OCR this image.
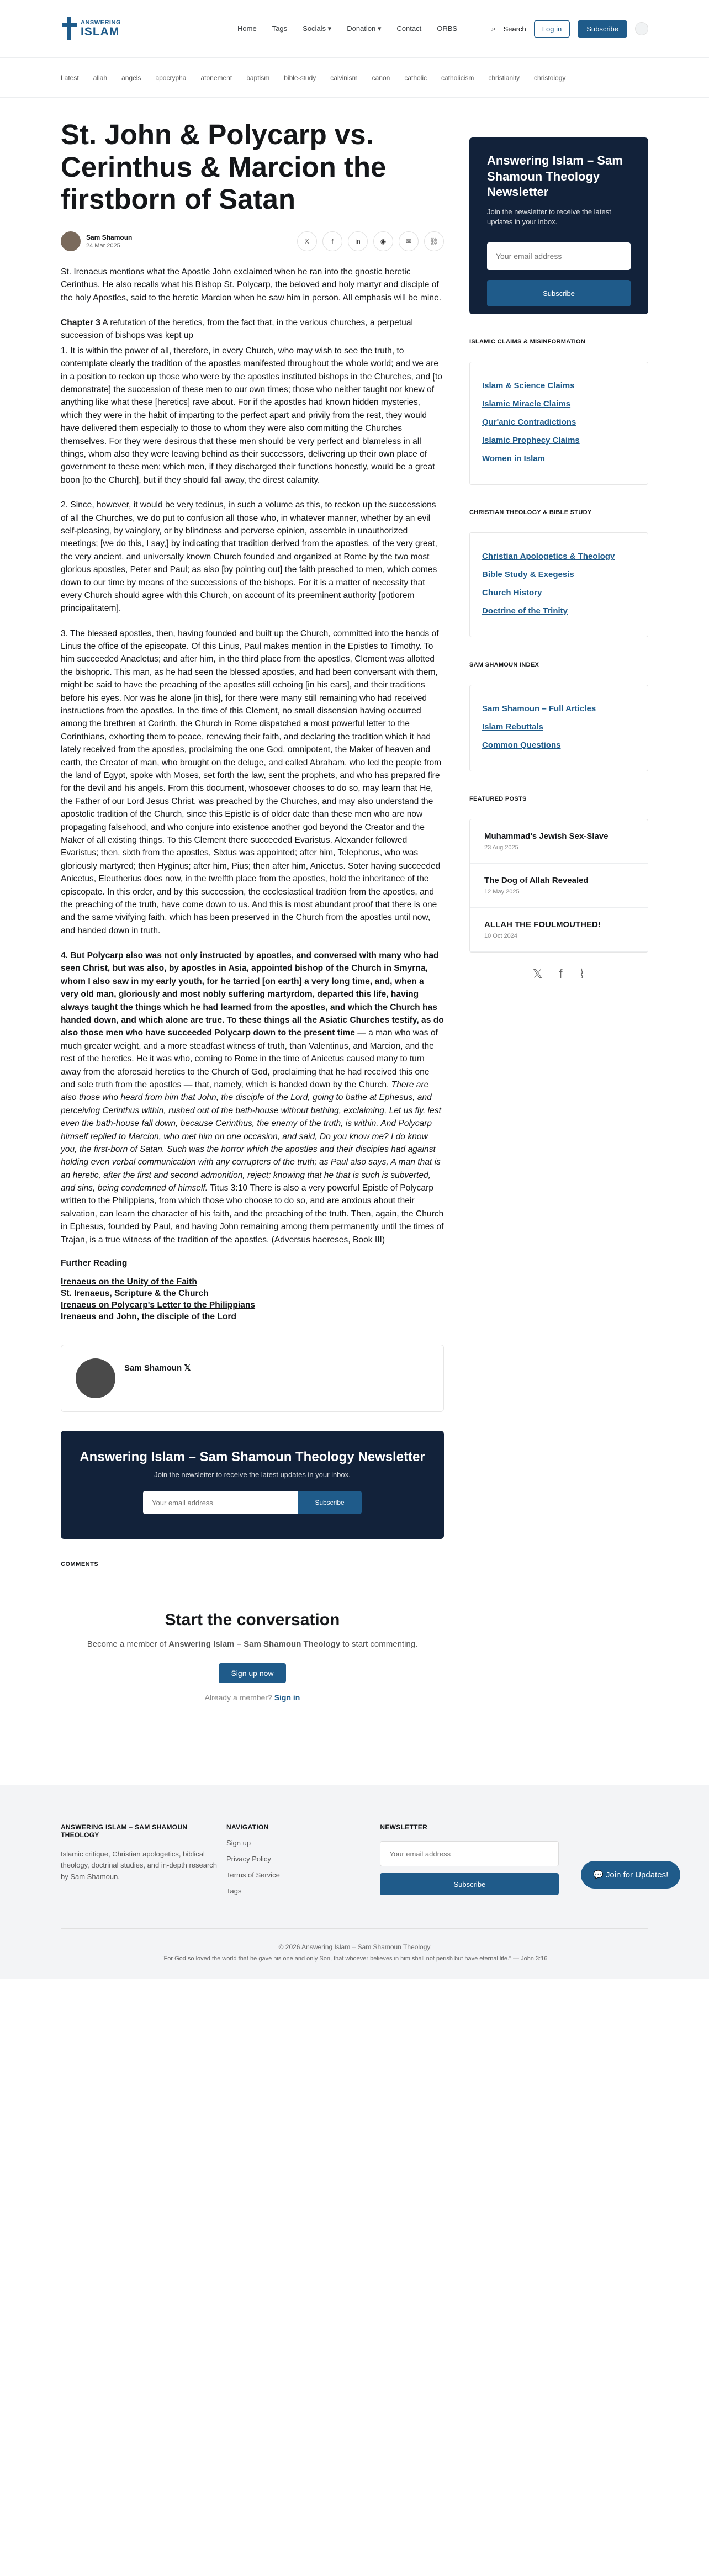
ANSWERING
ISLAM	Home Tags Socials ▾ Donation ▾ Contact ORBS	⌕ Search	Log in	Subscribe
Latest allah angels apocrypha atonement baptism bible-study calvinism canon catholic catholicism christianity christology
St. John & Polycarp vs. Cerinthus & Marcion the firstborn of Satan
Sam Shamoun
24 Mar 2025
𝕏	f	in	◉	✉	⛓

St. Irenaeus mentions what the Apostle John exclaimed when he ran into the gnostic heretic Cerinthus. He also recalls what his Bishop St. Polycarp, the beloved and holy martyr and disciple of the holy Apostles, said to the heretic Marcion when he saw him in person. All emphasis will be mine.

Chapter 3 A refutation of the heretics, from the fact that, in the various churches, a perpetual succession of bishops was kept up

1. It is within the power of all, therefore, in every Church, who may wish to see the truth, to contemplate clearly the tradition of the apostles manifested throughout the whole world; and we are in a position to reckon up those who were by the apostles instituted bishops in the Churches, and [to demonstrate] the succession of these men to our own times; those who neither taught nor knew of anything like what these [heretics] rave about. For if the apostles had known hidden mysteries, which they were in the habit of imparting to the perfect apart and privily from the rest, they would have delivered them especially to those to whom they were also committing the Churches themselves. For they were desirous that these men should be very perfect and blameless in all things, whom also they were leaving behind as their successors, delivering up their own place of government to these men; which men, if they discharged their functions honestly, would be a great boon [to the Church], but if they should fall away, the direst calamity.

2. Since, however, it would be very tedious, in such a volume as this, to reckon up the successions of all the Churches, we do put to confusion all those who, in whatever manner, whether by an evil self-pleasing, by vainglory, or by blindness and perverse opinion, assemble in unauthorized meetings; [we do this, I say,] by indicating that tradition derived from the apostles, of the very great, the very ancient, and universally known Church founded and organized at Rome by the two most glorious apostles, Peter and Paul; as also [by pointing out] the faith preached to men, which comes down to our time by means of the successions of the bishops. For it is a matter of necessity that every Church should agree with this Church, on account of its preeminent authority [potiorem principalitatem].

3. The blessed apostles, then, having founded and built up the Church, committed into the hands of Linus the office of the episcopate. Of this Linus, Paul makes mention in the Epistles to Timothy. To him succeeded Anacletus; and after him, in the third place from the apostles, Clement was allotted the bishopric. This man, as he had seen the blessed apostles, and had been conversant with them, might be said to have the preaching of the apostles still echoing [in his ears], and their traditions before his eyes. Nor was he alone [in this], for there were many still remaining who had received instructions from the apostles. In the time of this Clement, no small dissension having occurred among the brethren at Corinth, the Church in Rome dispatched a most powerful letter to the Corinthians, exhorting them to peace, renewing their faith, and declaring the tradition which it had lately received from the apostles, proclaiming the one God, omnipotent, the Maker of heaven and earth, the Creator of man, who brought on the deluge, and called Abraham, who led the people from the land of Egypt, spoke with Moses, set forth the law, sent the prophets, and who has prepared fire for the devil and his angels. From this document, whosoever chooses to do so, may learn that He, the Father of our Lord Jesus Christ, was preached by the Churches, and may also understand the apostolic tradition of the Church, since this Epistle is of older date than these men who are now propagating falsehood, and who conjure into existence another god beyond the Creator and the Maker of all existing things. To this Clement there succeeded Evaristus. Alexander followed Evaristus; then, sixth from the apostles, Sixtus was appointed; after him, Telephorus, who was gloriously martyred; then Hyginus; after him, Pius; then after him, Anicetus. Soter having succeeded Anicetus, Eleutherius does now, in the twelfth place from the apostles, hold the inheritance of the episcopate. In this order, and by this succession, the ecclesiastical tradition from the apostles, and the preaching of the truth, have come down to us. And this is most abundant proof that there is one and the same vivifying faith, which has been preserved in the Church from the apostles until now, and handed down in truth.

4. But Polycarp also was not only instructed by apostles, and conversed with many who had seen Christ, but was also, by apostles in Asia, appointed bishop of the Church in Smyrna, whom I also saw in my early youth, for he tarried [on earth] a very long time, and, when a very old man, gloriously and most nobly suffering martyrdom, departed this life, having always taught the things which he had learned from the apostles, and which the Church has handed down, and which alone are true. To these things all the Asiatic Churches testify, as do also those men who have succeeded Polycarp down to the present time — a man who was of much greater weight, and a more steadfast witness of truth, than Valentinus, and Marcion, and the rest of the heretics. He it was who, coming to Rome in the time of Anicetus caused many to turn away from the aforesaid heretics to the Church of God, proclaiming that he had received this one and sole truth from the apostles — that, namely, which is handed down by the Church. There are also those who heard from him that John, the disciple of the Lord, going to bathe at Ephesus, and perceiving Cerinthus within, rushed out of the bath-house without bathing, exclaiming, Let us fly, lest even the bath-house fall down, because Cerinthus, the enemy of the truth, is within. And Polycarp himself replied to Marcion, who met him on one occasion, and said, Do you know me? I do know you, the first-born of Satan. Such was the horror which the apostles and their disciples had against holding even verbal communication with any corrupters of the truth; as Paul also says, A man that is an heretic, after the first and second admonition, reject; knowing that he that is such is subverted, and sins, being condemned of himself. Titus 3:10 There is also a very powerful Epistle of Polycarp written to the Philippians, from which those who choose to do so, and are anxious about their salvation, can learn the character of his faith, and the preaching of the truth. Then, again, the Church in Ephesus, founded by Paul, and having John remaining among them permanently until the times of Trajan, is a true witness of the tradition of the apostles. (Adversus haereses, Book III)

Further Reading
Irenaeus on the Unity of the Faith
St. Irenaeus, Scripture & the Church
Irenaeus on Polycarp's Letter to the Philippians
Irenaeus and John, the disciple of the Lord
Sam Shamoun 𝕏
Answering Islam – Sam Shamoun Theology Newsletter

Join the newsletter to receive the latest updates in your inbox.

Your email address
Subscribe
COMMENTS
Start the conversation

Become a member of Answering Islam – Sam Shamoun Theology to start commenting.

Sign up now
Already a member? Sign in
Answering Islam – Sam Shamoun Theology Newsletter

Join the newsletter to receive the latest updates in your inbox.

Your email address Subscribe
ISLAMIC CLAIMS & MISINFORMATION
Islam & Science Claims
Islamic Miracle Claims
Qur'anic Contradictions
Islamic Prophecy Claims
Women in Islam
CHRISTIAN THEOLOGY & BIBLE STUDY
Christian Apologetics & Theology
Bible Study & Exegesis
Church History
Doctrine of the Trinity
SAM SHAMOUN INDEX
Sam Shamoun – Full Articles
Islam Rebuttals
Common Questions
FEATURED POSTS
Muhammad's Jewish Sex-Slave
23 Aug 2025
The Dog of Allah Revealed
12 May 2025
ALLAH THE FOULMOUTHED!
10 Oct 2024
𝕏 f ⌇
💬 Join for Updates!
ANSWERING ISLAM – SAM SHAMOUN THEOLOGY

Islamic critique, Christian apologetics, biblical theology, doctrinal studies, and in-depth research by Sam Shamoun.

NAVIGATION
Sign up
Privacy Policy
Terms of Service
Tags
NEWSLETTER
Your email address Subscribe
© 2026 Answering Islam – Sam Shamoun Theology
"For God so loved the world that he gave his one and only Son, that whoever believes in him shall not perish but have eternal life." — John 3:16
